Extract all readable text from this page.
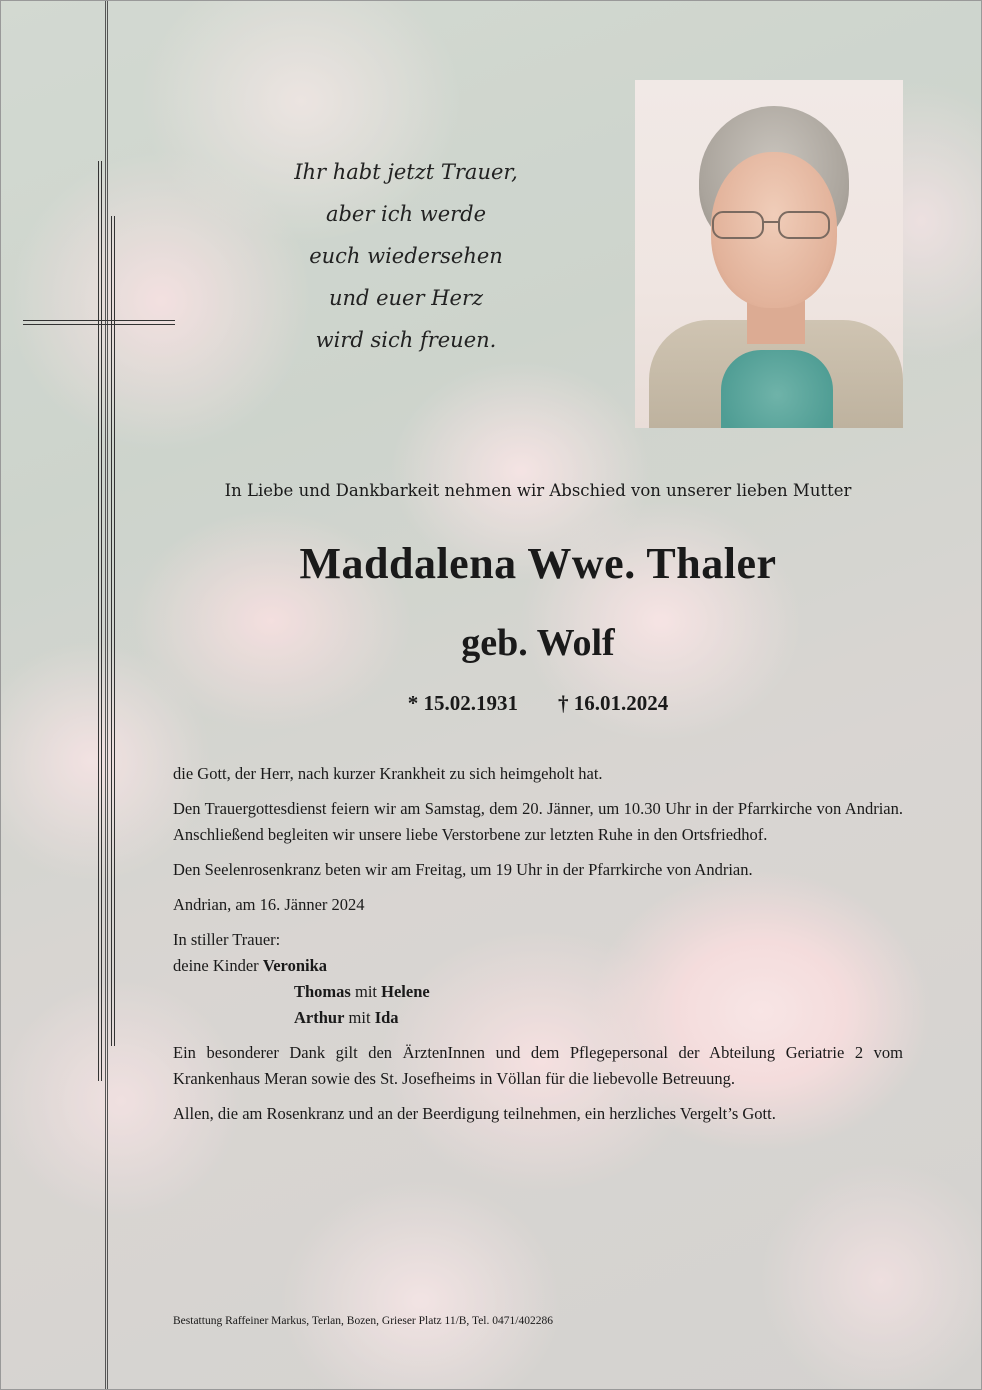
Ihr habt jetzt Trauer,
aber ich werde
euch wiedersehen
und euer Herz
wird sich freuen.
In Liebe und Dankbarkeit nehmen wir Abschied von unserer lieben Mutter
Maddalena Wwe. Thaler
geb. Wolf
* 15.02.1931 † 16.01.2024

die Gott, der Herr, nach kurzer Krankheit zu sich heimgeholt hat.

Den Trauergottesdienst feiern wir am Samstag, dem 20. Jänner, um 10.30 Uhr in der Pfarrkirche von Andrian. Anschließend begleiten wir unsere liebe Verstorbene zur letzten Ruhe in den Ortsfriedhof.

Den Seelenrosenkranz beten wir am Freitag, um 19 Uhr in der Pfarrkirche von Andrian.

Andrian, am 16. Jänner 2024

In stiller Trauer:
deine Kinder Veronika
Thomas mit Helene
Arthur mit Ida

Ein besonderer Dank gilt den ÄrztenInnen und dem Pflegepersonal der Abteilung Geriatrie 2 vom Krankenhaus Meran sowie des St. Josefheims in Völlan für die liebevolle Betreuung.

Allen, die am Rosenkranz und an der Beerdigung teilnehmen, ein herzliches Vergelt’s Gott.

Bestattung Raffeiner Markus, Terlan, Bozen, Grieser Platz 11/B, Tel. 0471/402286
